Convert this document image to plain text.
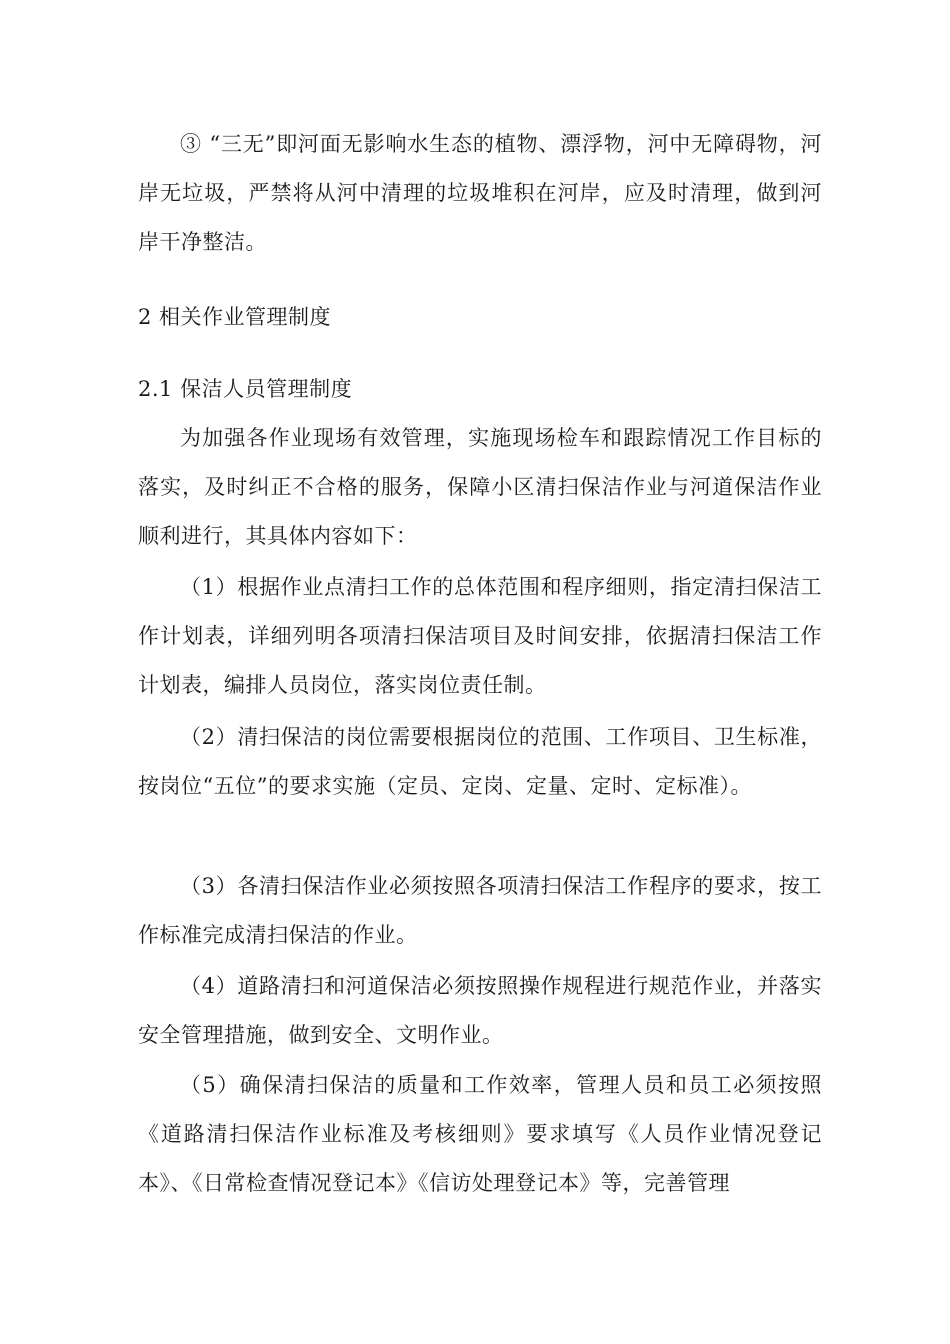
③ “三无”即河面无影响水生态的植物、漂浮物，河中无障碍物，河岸无垃圾，严禁将从河中清理的垃圾堆积在河岸，应及时清理，做到河岸干净整洁。

2 相关作业管理制度

2.1 保洁人员管理制度

为加强各作业现场有效管理，实施现场检车和跟踪情况工作目标的落实，及时纠正不合格的服务，保障小区清扫保洁作业与河道保洁作业顺利进行，其具体内容如下：

（1）根据作业点清扫工作的总体范围和程序细则，指定清扫保洁工作计划表，详细列明各项清扫保洁项目及时间安排，依据清扫保洁工作计划表，编排人员岗位，落实岗位责任制。

（2）清扫保洁的岗位需要根据岗位的范围、工作项目、卫生标准，按岗位“五位”的要求实施（定员、定岗、定量、定时、定标准）。

（3）各清扫保洁作业必须按照各项清扫保洁工作程序的要求，按工作标准完成清扫保洁的作业。

（4）道路清扫和河道保洁必须按照操作规程进行规范作业，并落实安全管理措施，做到安全、文明作业。

（5）确保清扫保洁的质量和工作效率，管理人员和员工必须按照《道路清扫保洁作业标准及考核细则》要求填写《人员作业情况登记本》、《日常检查情况登记本》《信访处理登记本》等，完善管理
